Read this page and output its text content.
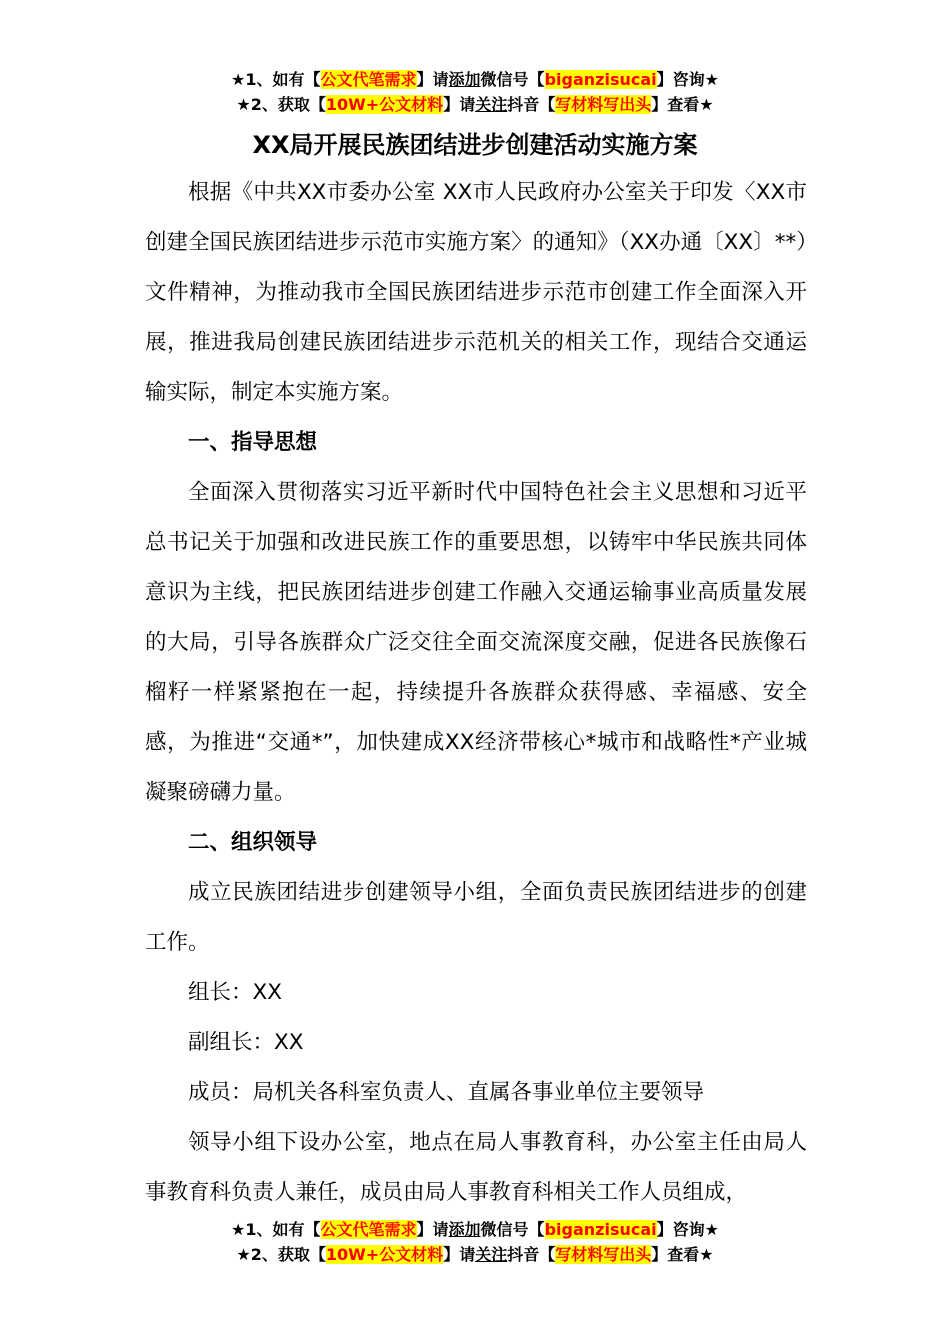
★1、如有【公文代笔需求】请添加微信号【biganzisucai】咨询★
★2、获取【10W+公文材料】请关注抖音【写材料写出头】查看★
XX局开展民族团结进步创建活动实施方案

根据《中共XX市委办公室 XX市人民政府办公室关于印发〈XX市创建全国民族团结进步示范市实施方案〉的通知》（XX办通〔XX〕**）文件精神，为推动我市全国民族团结进步示范市创建工作全面深入开展，推进我局创建民族团结进步示范机关的相关工作，现结合交通运输实际，制定本实施方案。

一、指导思想

全面深入贯彻落实习近平新时代中国特色社会主义思想和习近平总书记关于加强和改进民族工作的重要思想，以铸牢中华民族共同体意识为主线，把民族团结进步创建工作融入交通运输事业高质量发展的大局，引导各族群众广泛交往全面交流深度交融，促进各民族像石榴籽一样紧紧抱在一起，持续提升各族群众获得感、幸福感、安全感，为推进“交通*”，加快建成XX经济带核心*城市和战略性*产业城凝聚磅礴力量。

二、组织领导

成立民族团结进步创建领导小组，全面负责民族团结进步的创建工作。

组长：XX

副组长：XX

成员：局机关各科室负责人、直属各事业单位主要领导

领导小组下设办公室，地点在局人事教育科，办公室主任由局人事教育科负责人兼任，成员由局人事教育科相关工作人员组成，

★1、如有【公文代笔需求】请添加微信号【biganzisucai】咨询★
★2、获取【10W+公文材料】请关注抖音【写材料写出头】查看★
